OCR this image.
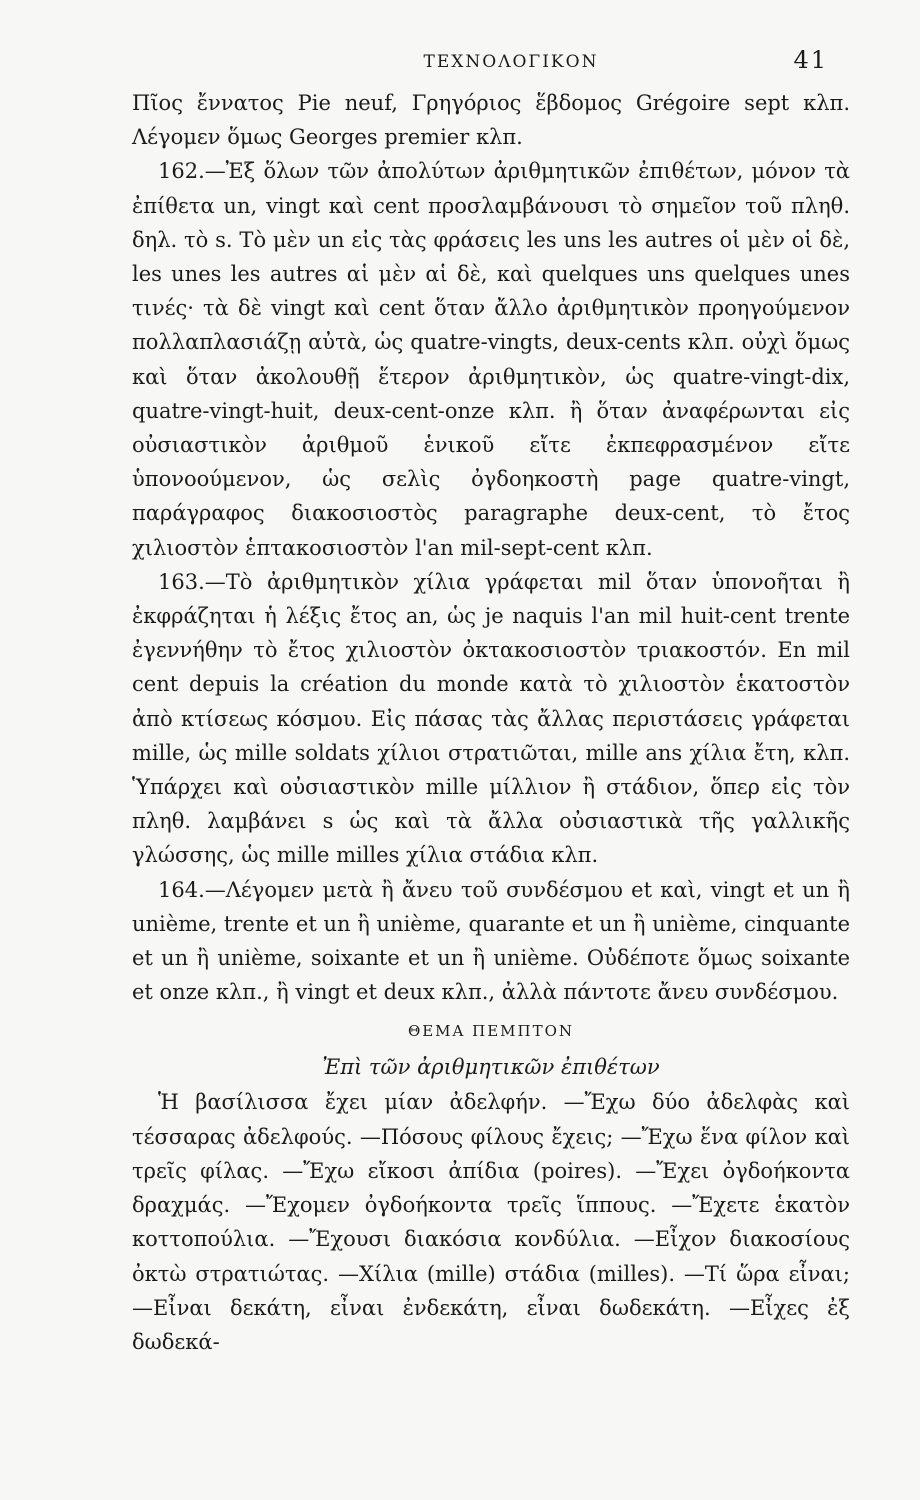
ΤΕΧΝΟΛΟΓΙΚΟΝ	41

Πῖος ἔννατος Pie neuf, Γρηγόριος ἕβδομος Grégoire sept κλπ. Λέγομεν ὅμως Georges premier κλπ.

162.—Ἐξ ὅλων τῶν ἀπολύτων ἀριθμητικῶν ἐπιθέτων, μόνον τὰ ἐπίθετα un, vingt καὶ cent προσλαμβάνουσι τὸ σημεῖον τοῦ πληθ. δηλ. τὸ s. Τὸ μὲν un εἰς τὰς φράσεις les uns les autres οἱ μὲν οἱ δὲ, les unes les autres αἱ μὲν αἱ δὲ, καὶ quelques uns quelques unes τινές· τὰ δὲ vingt καὶ cent ὅταν ἄλλο ἀριθμητικὸν προηγούμενον πολλαπλασιάζῃ αὐτὰ, ὡς quatre-vingts, deux-cents κλπ. οὐχὶ ὅμως καὶ ὅταν ἀκολουθῇ ἕτερον ἀριθμητικὸν, ὡς quatre-vingt-dix, quatre-vingt-huit, deux-cent-onze κλπ. ἢ ὅταν ἀναφέρωνται εἰς οὐσιαστικὸν ἀριθμοῦ ἑνικοῦ εἴτε ἐκπεφρασμένον εἴτε ὑπονοούμενον, ὡς σελὶς ὀγδοηκοστὴ page quatre-vingt, παράγραφος διακοσιοστὸς paragraphe deux-cent, τὸ ἔτος χιλιοστὸν ἑπτακοσιοστὸν l'an mil-sept-cent κλπ.

163.—Τὸ ἀριθμητικὸν χίλια γράφεται mil ὅταν ὑπονοῆται ἢ ἐκφράζηται ἡ λέξις ἔτος an, ὡς je naquis l'an mil huit-cent trente ἐγεννήθην τὸ ἔτος χιλιοστὸν ὀκτακοσιοστὸν τριακοστόν. En mil cent depuis la création du monde κατὰ τὸ χιλιοστὸν ἑκατοστὸν ἀπὸ κτίσεως κόσμου. Εἰς πάσας τὰς ἄλλας περιστάσεις γράφεται mille, ὡς mille soldats χίλιοι στρατιῶται, mille ans χίλια ἔτη, κλπ. Ὑπάρχει καὶ οὐσιαστικὸν mille μίλλιον ἢ στάδιον, ὅπερ εἰς τὸν πληθ. λαμβάνει s ὡς καὶ τὰ ἄλλα οὐσιαστικὰ τῆς γαλλικῆς γλώσσης, ὡς mille milles χίλια στάδια κλπ.

164.—Λέγομεν μετὰ ἢ ἄνευ τοῦ συνδέσμου et καὶ, vingt et un ἢ unième, trente et un ἢ unième, quarante et un ἢ unième, cinquante et un ἢ unième, soixante et un ἢ unième. Οὐδέποτε ὅμως soixante et onze κλπ., ἢ vingt et deux κλπ., ἀλλὰ πάντοτε ἄνευ συνδέσμου.

ΘΕΜΑ ΠΕΜΠΤΟΝ
Ἐπὶ τῶν ἀριθμητικῶν ἐπιθέτων

Ἡ βασίλισσα ἔχει μίαν ἀδελφήν. —Ἔχω δύο ἀδελφὰς καὶ τέσσαρας ἀδελφούς. —Πόσους φίλους ἔχεις; —Ἔχω ἕνα φίλον καὶ τρεῖς φίλας. —Ἔχω εἴκοσι ἀπίδια (poires). —Ἔχει ὀγδοήκοντα δραχμάς. —Ἔχομεν ὀγδοήκοντα τρεῖς ἵππους. —Ἔχετε ἑκατὸν κοττοπούλια. —Ἔχουσι διακόσια κονδύλια. —Εἶχον διακοσίους ὀκτὼ στρατιώτας. —Χίλια (mille) στάδια (milles). —Τί ὥρα εἶναι; —Εἶναι δεκάτη, εἶναι ἐνδεκάτη, εἶναι δωδεκάτη. —Εἶχες ἐξ δωδεκά-
